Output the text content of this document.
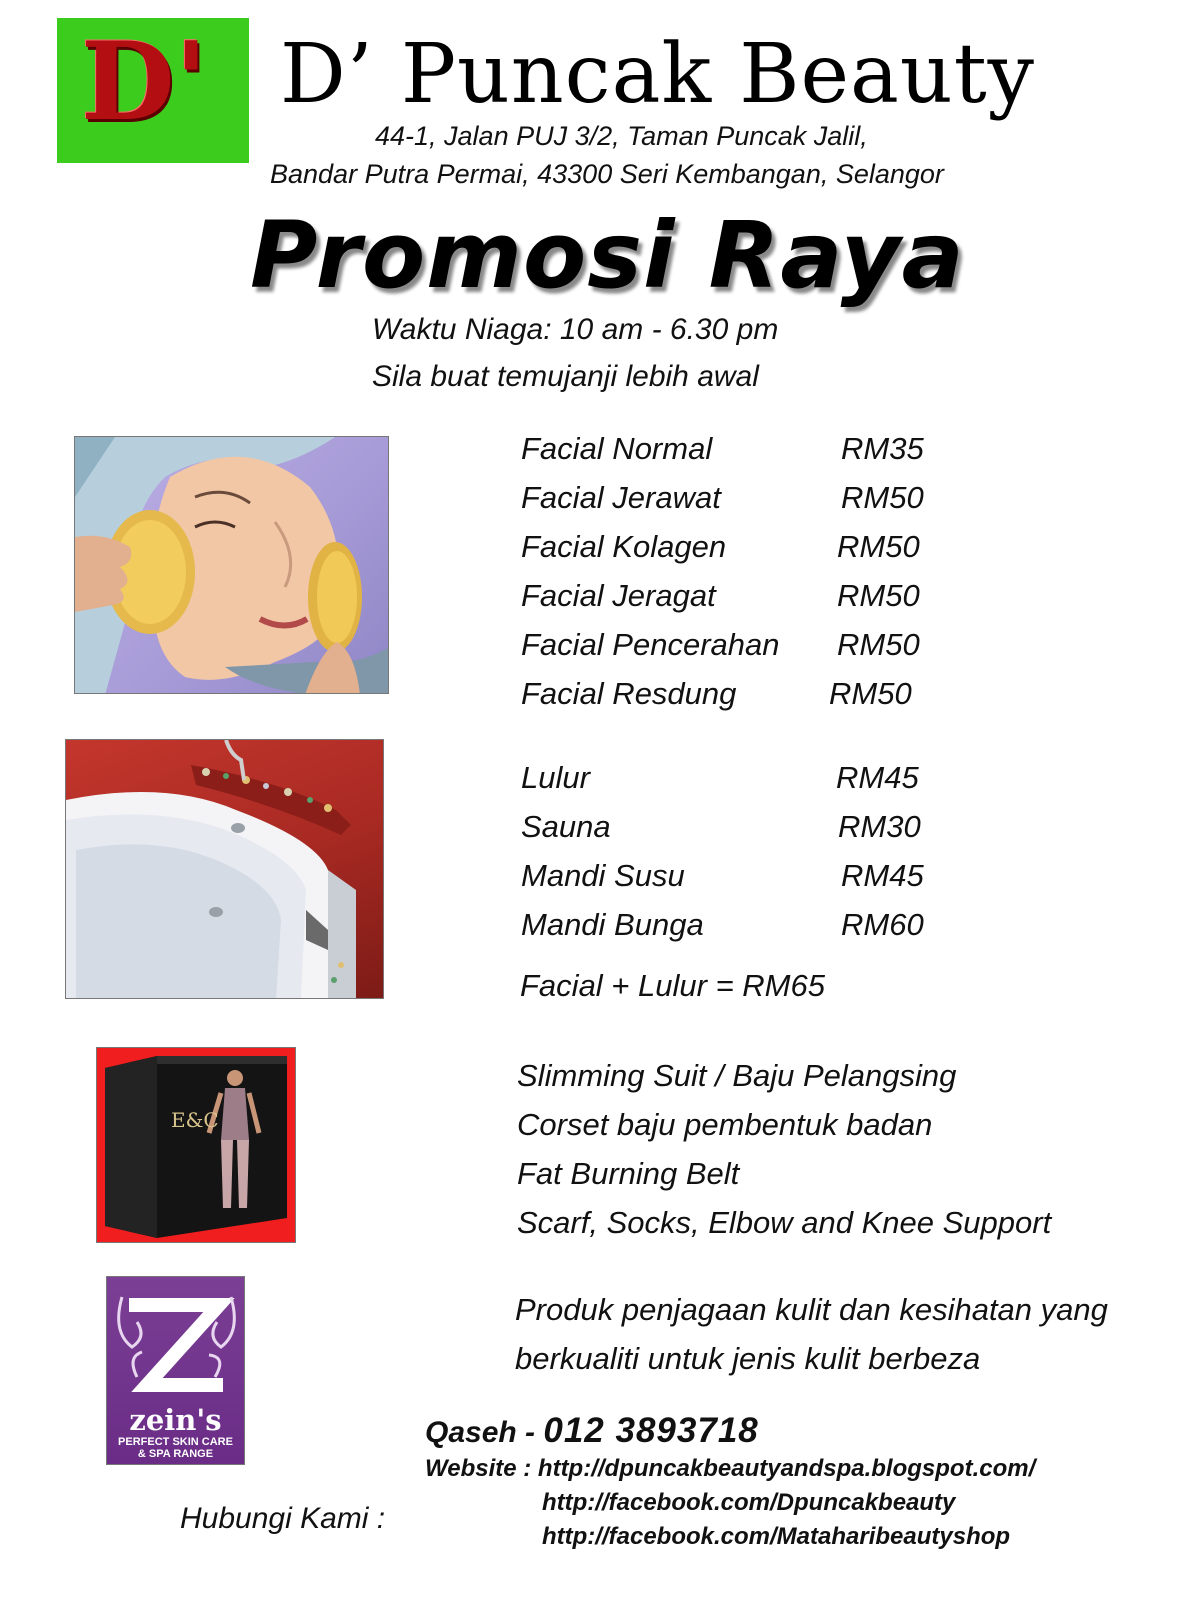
D' D’ Puncak Beauty
44-1, Jalan PUJ 3/2, Taman Puncak Jalil,
Bandar Putra Permai, 43300 Seri Kembangan, Selangor
Promosi Raya
Waktu Niaga: 10 am - 6.30 pm
Sila buat temujanji lebih awal
Facial Normal	RM35
Facial Jerawat	RM50
Facial Kolagen	RM50
Facial Jeragat	RM50
Facial Pencerahan RM50
Facial Resdung	RM50
Lulur	RM45
Sauna	RM30
Mandi Susu	RM45
Mandi Bunga	RM60
Facial + Lulur = RM65
E&C
Slimming Suit / Baju Pelangsing
Corset baju pembentuk badan
Fat Burning Belt
Scarf, Socks, Elbow and Knee Support
zein's
PERFECT SKIN CARE
& SPA RANGE
Produk penjagaan kulit dan kesihatan yang
berkualiti untuk jenis kulit berbeza
Qaseh - 012 3893718
Website : http://dpuncakbeautyandspa.blogspot.com/
http://facebook.com/Dpuncakbeauty
http://facebook.com/Mataharibeautyshop
Hubungi Kami :
